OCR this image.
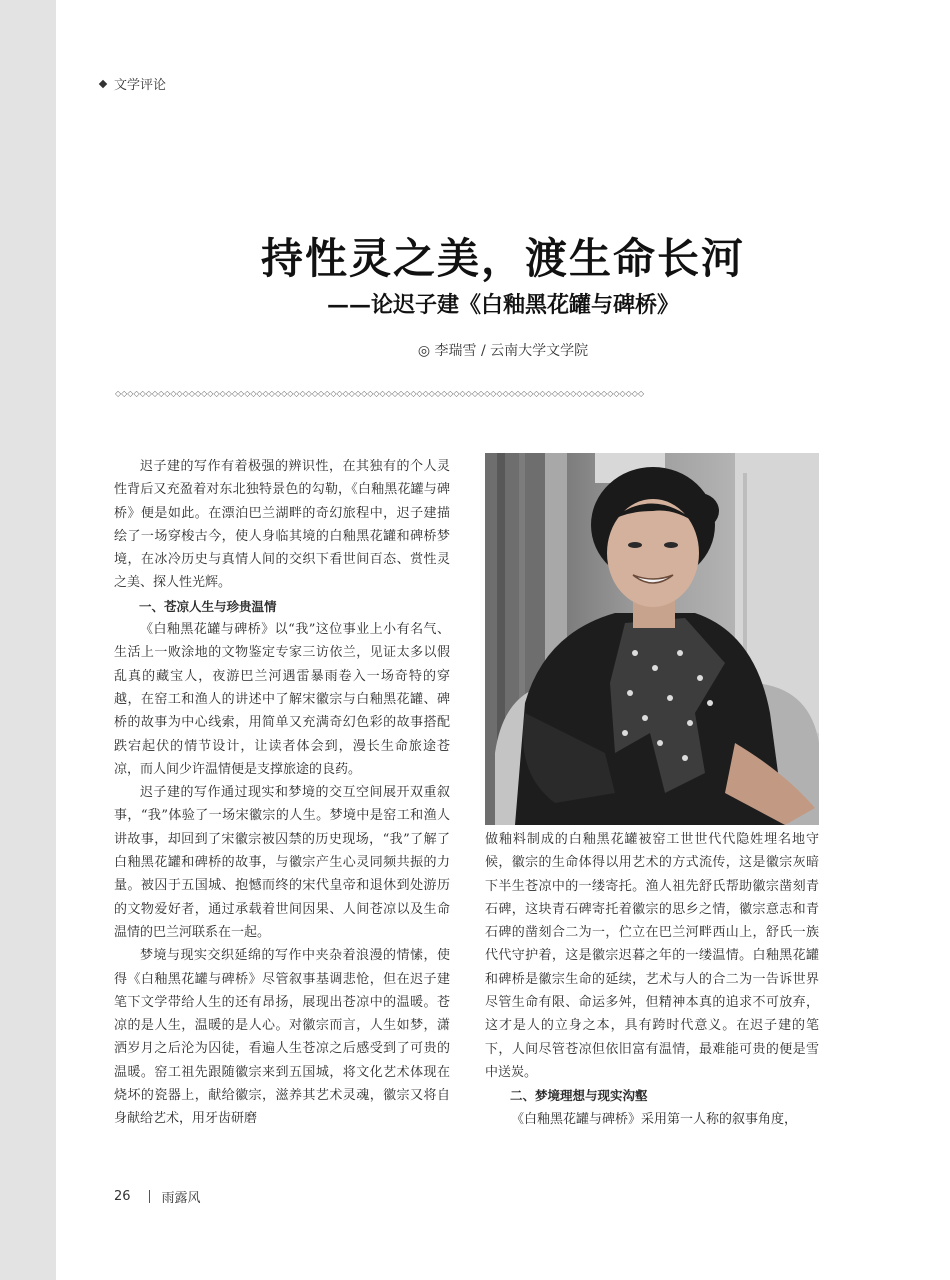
文学评论
持性灵之美，渡生命长河
——论迟子建《白釉黑花罐与碑桥》
◎ 李瑞雪 / 云南大学文学院
◇◇◇◇◇◇◇◇◇◇◇◇◇◇◇◇◇◇◇◇◇◇◇◇◇◇◇◇◇◇◇◇◇◇◇◇◇◇◇◇◇◇◇◇◇◇◇◇◇◇◇◇◇◇◇◇◇◇◇◇◇◇◇◇◇◇◇◇◇◇◇◇◇◇◇◇◇◇◇◇◇◇◇◇◇◇

迟子建的写作有着极强的辨识性，在其独有的个人灵性背后又充盈着对东北独特景色的勾勒，《白釉黑花罐与碑桥》便是如此。在漂泊巴兰湖畔的奇幻旅程中，迟子建描绘了一场穿梭古今，使人身临其境的白釉黑花罐和碑桥梦境，在冰冷历史与真情人间的交织下看世间百态、赏性灵之美、探人性光辉。

一、苍凉人生与珍贵温情

《白釉黑花罐与碑桥》以“我”这位事业上小有名气、生活上一败涂地的文物鉴定专家三访依兰，见证太多以假乱真的藏宝人，夜游巴兰河遇雷暴雨卷入一场奇特的穿越，在窑工和渔人的讲述中了解宋徽宗与白釉黑花罐、碑桥的故事为中心线索，用简单又充满奇幻色彩的故事搭配跌宕起伏的情节设计，让读者体会到，漫长生命旅途苍凉，而人间少许温情便是支撑旅途的良药。

迟子建的写作通过现实和梦境的交互空间展开双重叙事，“我”体验了一场宋徽宗的人生。梦境中是窑工和渔人讲故事，却回到了宋徽宗被囚禁的历史现场，“我”了解了白釉黑花罐和碑桥的故事，与徽宗产生心灵同频共振的力量。被囚于五国城、抱憾而终的宋代皇帝和退休到处游历的文物爱好者，通过承载着世间因果、人间苍凉以及生命温情的巴兰河联系在一起。

梦境与现实交织延绵的写作中夹杂着浪漫的情愫，使得《白釉黑花罐与碑桥》尽管叙事基调悲怆，但在迟子建笔下文学带给人生的还有昂扬，展现出苍凉中的温暖。苍凉的是人生，温暖的是人心。对徽宗而言，人生如梦，潇洒岁月之后沦为囚徒，看遍人生苍凉之后感受到了可贵的温暖。窑工祖先跟随徽宗来到五国城，将文化艺术体现在烧坏的瓷器上，献给徽宗，滋养其艺术灵魂，徽宗又将自身献给艺术，用牙齿研磨

做釉料制成的白釉黑花罐被窑工世世代代隐姓埋名地守候，徽宗的生命体得以用艺术的方式流传，这是徽宗灰暗下半生苍凉中的一缕寄托。渔人祖先舒氏帮助徽宗凿刻青石碑，这块青石碑寄托着徽宗的思乡之情，徽宗意志和青石碑的凿刻合二为一，伫立在巴兰河畔西山上，舒氏一族代代守护着，这是徽宗迟暮之年的一缕温情。白釉黑花罐和碑桥是徽宗生命的延续，艺术与人的合二为一告诉世界尽管生命有限、命运多舛，但精神本真的追求不可放弃，这才是人的立身之本，具有跨时代意义。在迟子建的笔下，人间尽管苍凉但依旧富有温情，最难能可贵的便是雪中送炭。

二、梦境理想与现实沟壑

《白釉黑花罐与碑桥》采用第一人称的叙事角度，

26 雨露风
